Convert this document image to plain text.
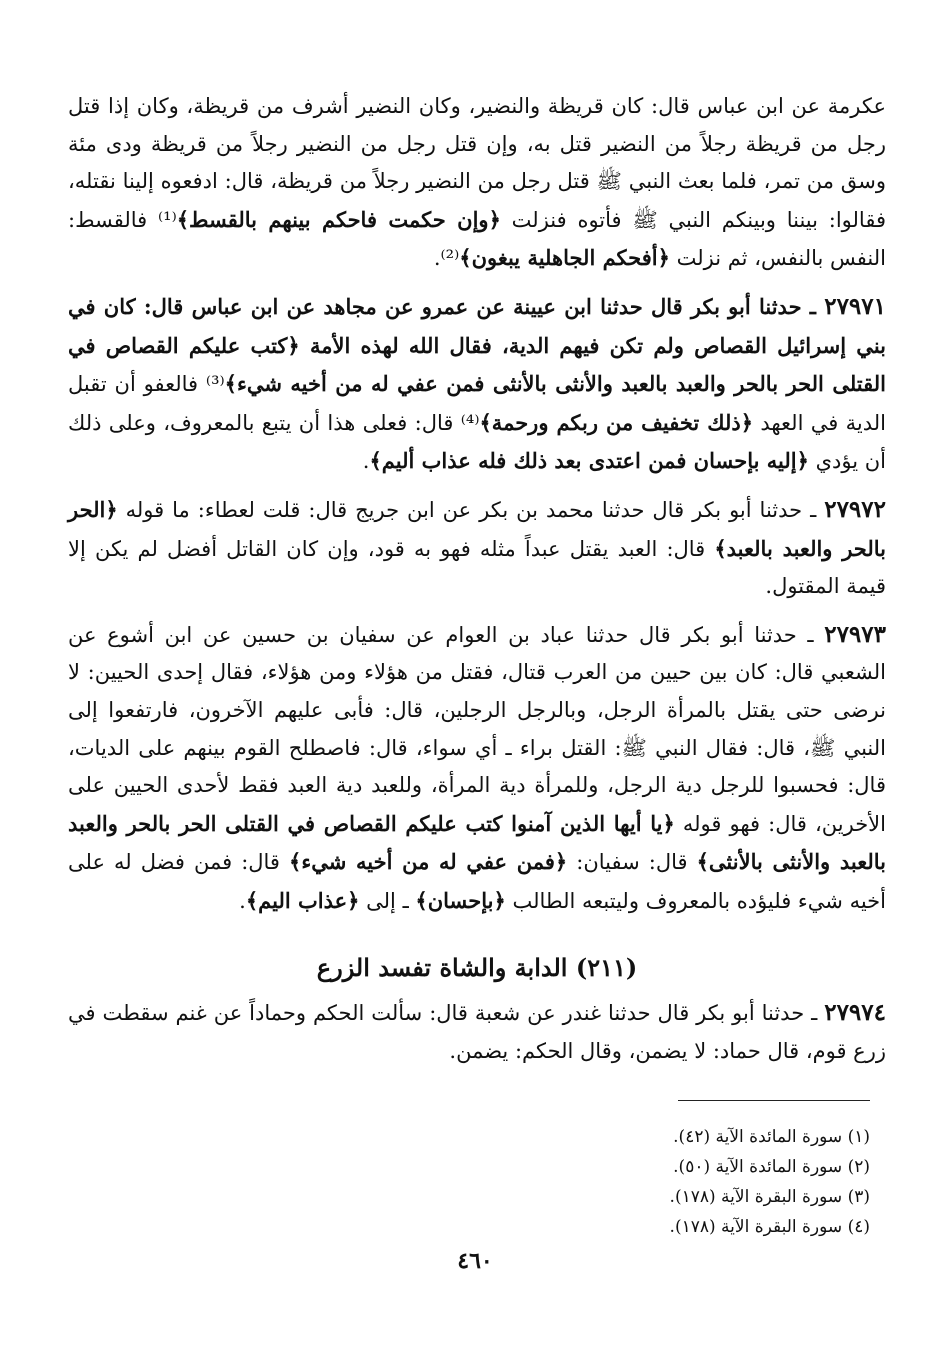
عكرمة عن ابن عباس قال: كان قريظة والنضير، وكان النضير أشرف من قريظة، وكان إذا قتل رجل من قريظة رجلاً من النضير قتل به، وإن قتل رجل من النضير رجلاً من قريظة ودى مئة وسق من تمر، فلما بعث النبي ﷺ قتل رجل من النضير رجلاً من قريظة، قال: ادفعوه إلينا نقتله، فقالوا: بيننا وبينكم النبي ﷺ فأتوه فنزلت ﴿وإن حكمت فاحكم بينهم بالقسط﴾⁽¹⁾ فالقسط: النفس بالنفس، ثم نزلت ﴿أفحكم الجاهلية يبغون﴾⁽²⁾.

٢٧٩٧١ ـ حدثنا أبو بكر قال حدثنا ابن عيينة عن عمرو عن مجاهد عن ابن عباس قال: كان في بني إسرائيل القصاص ولم تكن فيهم الدية، فقال الله لهذه الأمة ﴿كتب عليكم القصاص في القتلى الحر بالحر والعبد بالعبد والأنثى بالأنثى فمن عفي له من أخيه شيء﴾⁽³⁾ فالعفو أن تقبل الدية في العهد ﴿ذلك تخفيف من ربكم ورحمة﴾⁽⁴⁾ قال: فعلى هذا أن يتبع بالمعروف، وعلى ذلك أن يؤدي ﴿إليه بإحسان فمن اعتدى بعد ذلك فله عذاب أليم﴾.

٢٧٩٧٢ ـ حدثنا أبو بكر قال حدثنا محمد بن بكر عن ابن جريج قال: قلت لعطاء: ما قوله ﴿الحر بالحر والعبد بالعبد﴾ قال: العبد يقتل عبداً مثله فهو به قود، وإن كان القاتل أفضل لم يكن إلا قيمة المقتول.

٢٧٩٧٣ ـ حدثنا أبو بكر قال حدثنا عباد بن العوام عن سفيان بن حسين عن ابن أشوع عن الشعبي قال: كان بين حيين من العرب قتال، فقتل من هؤلاء ومن هؤلاء، فقال إحدى الحيين: لا نرضى حتى يقتل بالمرأة الرجل، وبالرجل الرجلين، قال: فأبى عليهم الآخرون، فارتفعوا إلى النبي ﷺ، قال: فقال النبي ﷺ: القتل براء ـ أي سواء، قال: فاصطلح القوم بينهم على الديات، قال: فحسبوا للرجل دية الرجل، وللمرأة دية المرأة، وللعبد دية العبد فقط لأحدى الحيين على الأخرين، قال: فهو قوله ﴿يا أيها الذين آمنوا كتب عليكم القصاص في القتلى الحر بالحر والعبد بالعبد والأنثى بالأنثى﴾ قال: سفيان: ﴿فمن عفي له من أخيه شيء﴾ قال: فمن فضل له على أخيه شيء فليؤده بالمعروف وليتبعه الطالب ﴿بإحسان﴾ ـ إلى ﴿عذاب اليم﴾.

(٢١١) الدابة والشاة تفسد الزرع

٢٧٩٧٤ ـ حدثنا أبو بكر قال حدثنا غندر عن شعبة قال: سألت الحكم وحماداً عن غنم سقطت في زرع قوم، قال حماد: لا يضمن، وقال الحكم: يضمن.

(١) سورة المائدة الآية (٤٢).
(٢) سورة المائدة الآية (٥٠).
(٣) سورة البقرة الآية (١٧٨).
(٤) سورة البقرة الآية (١٧٨).
٤٦٠
